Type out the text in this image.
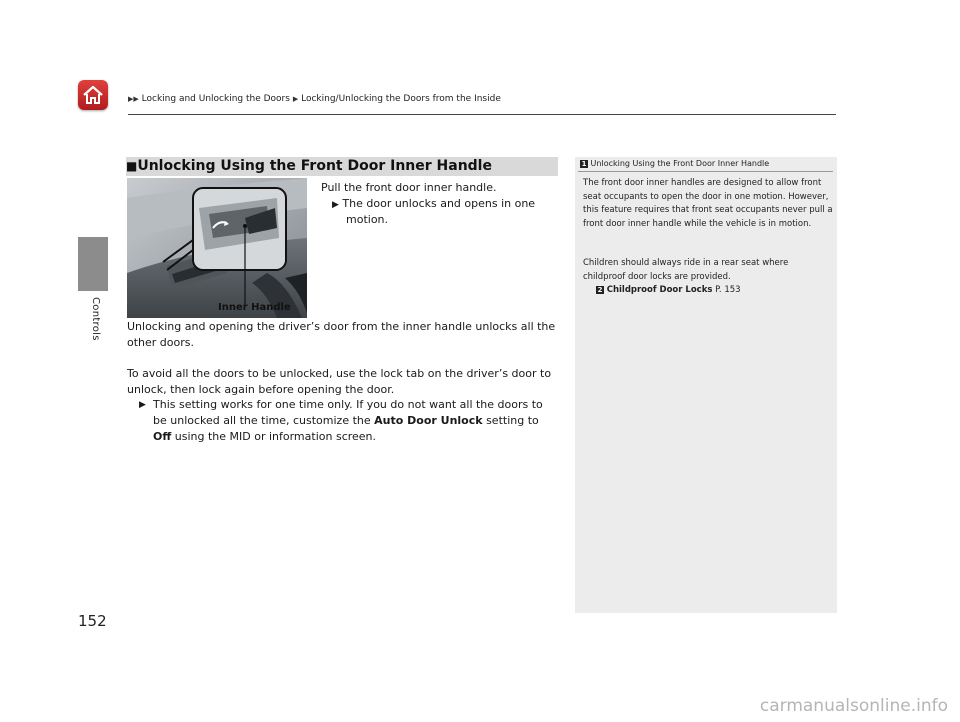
▶▶ Locking and Unlocking the Doors ▶ Locking/Unlocking the Doors from the Inside
Controls
152
■Unlocking Using the Front Door Inner Handle
Inner Handle
Pull the front door inner handle.
▶ The door unlocks and opens in one
motion.
Unlocking and opening the driver’s door from the inner handle unlocks all the other doors.
To avoid all the doors to be unlocked, use the lock tab on the driver’s door to unlock, then lock again before opening the door.
▶ This setting works for one time only. If you do not want all the doors to be unlocked all the time, customize the Auto Door Unlock setting to Off using the MID or information screen.
1 Unlocking Using the Front Door Inner Handle
The front door inner handles are designed to allow front seat occupants to open the door in one motion. However, this feature requires that front seat occupants never pull a front door inner handle while the vehicle is in motion.
Children should always ride in a rear seat where childproof door locks are provided.
2 Childproof Door Locks P. 153
carmanualsonline.info
